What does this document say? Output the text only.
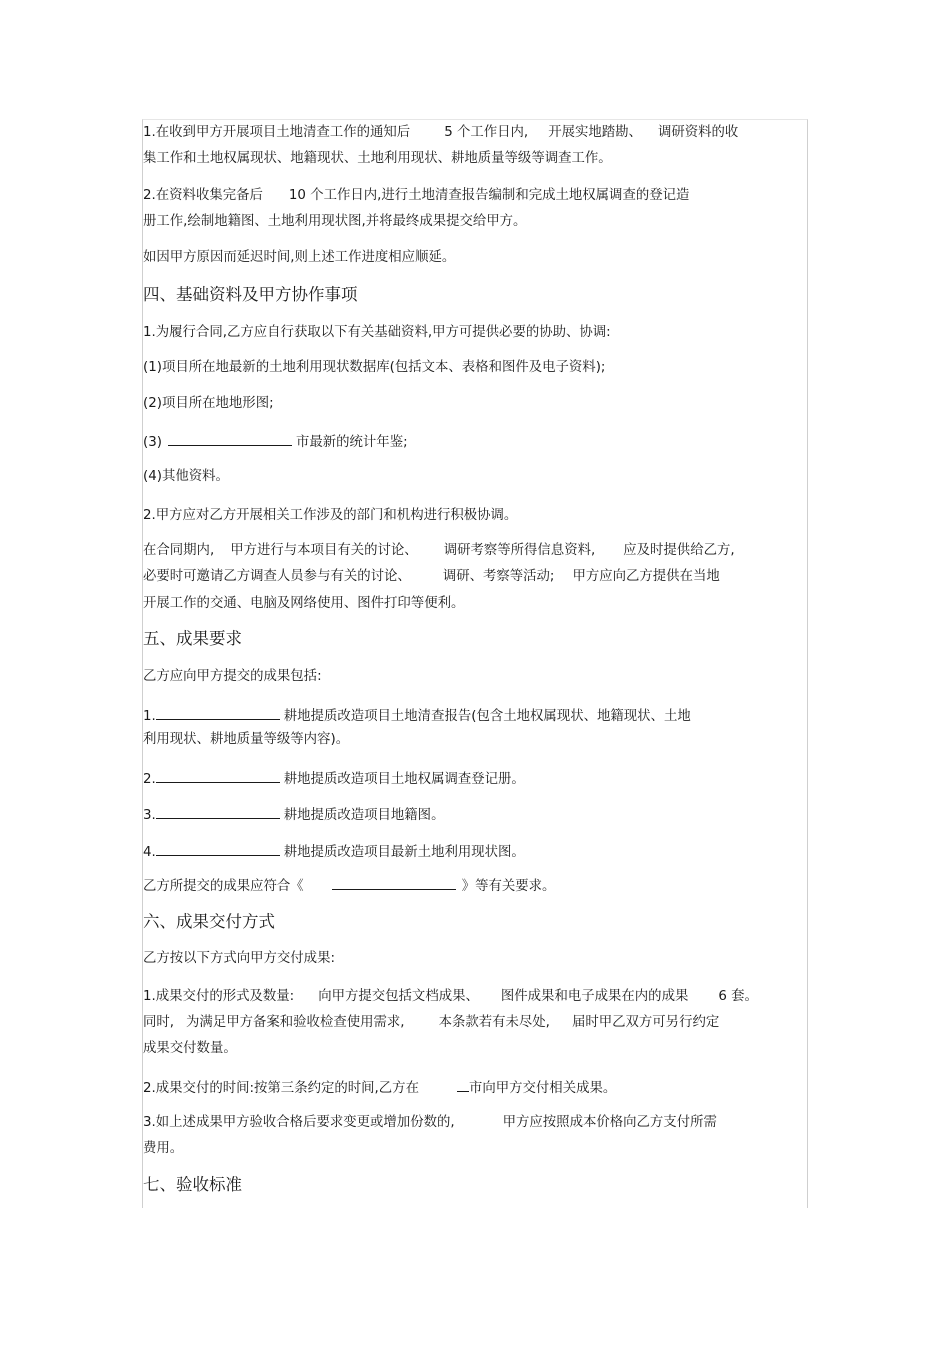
1.在收到甲方开展项目土地清查工作的通知后	5 个工作日内, 开展实地踏勘、 调研资料的收
集工作和土地权属现状、地籍现状、土地利用现状、耕地质量等级等调查工作。
2.在资料收集完备后 10 个工作日内,进行土地清查报告编制和完成土地权属调查的登记造
册工作,绘制地籍图、土地利用现状图,并将最终成果提交给甲方。
如因甲方原因而延迟时间,则上述工作进度相应顺延。
四、基础资料及甲方协作事项
1.为履行合同,乙方应自行获取以下有关基础资料,甲方可提供必要的协助、协调:
(1)项目所在地最新的土地利用现状数据库(包括文本、表格和图件及电子资料);
(2)项目所在地地形图;
(3)	市最新的统计年鉴;
(4)其他资料。
2.甲方应对乙方开展相关工作涉及的部门和机构进行积极协调。
在合同期内, 甲方进行与本项目有关的讨论、 调研考察等所得信息资料, 应及时提供给乙方,
必要时可邀请乙方调查人员参与有关的讨论、 调研、考察等活动; 甲方应向乙方提供在当地
开展工作的交通、电脑及网络使用、图件打印等便利。
五、成果要求
乙方应向甲方提交的成果包括:
1.	耕地提质改造项目土地清查报告(包含土地权属现状、地籍现状、土地
利用现状、耕地质量等级等内容)。
2.	耕地提质改造项目土地权属调查登记册。
3.	耕地提质改造项目地籍图。
4.	耕地提质改造项目最新土地利用现状图。
乙方所提交的成果应符合《	》等有关要求。
六、成果交付方式
乙方按以下方式向甲方交付成果:
1.成果交付的形式及数量: 向甲方提交包括文档成果、 图件成果和电子成果在内的成果 6 套。
同时, 为满足甲方备案和验收检查使用需求,	本条款若有未尽处, 届时甲乙双方可另行约定
成果交付数量。
2.成果交付的时间:按第三条约定的时间,乙方在	市向甲方交付相关成果。
3.如上述成果甲方验收合格后要求变更或增加份数的,	甲方应按照成本价格向乙方支付所需
费用。
七、验收标准
